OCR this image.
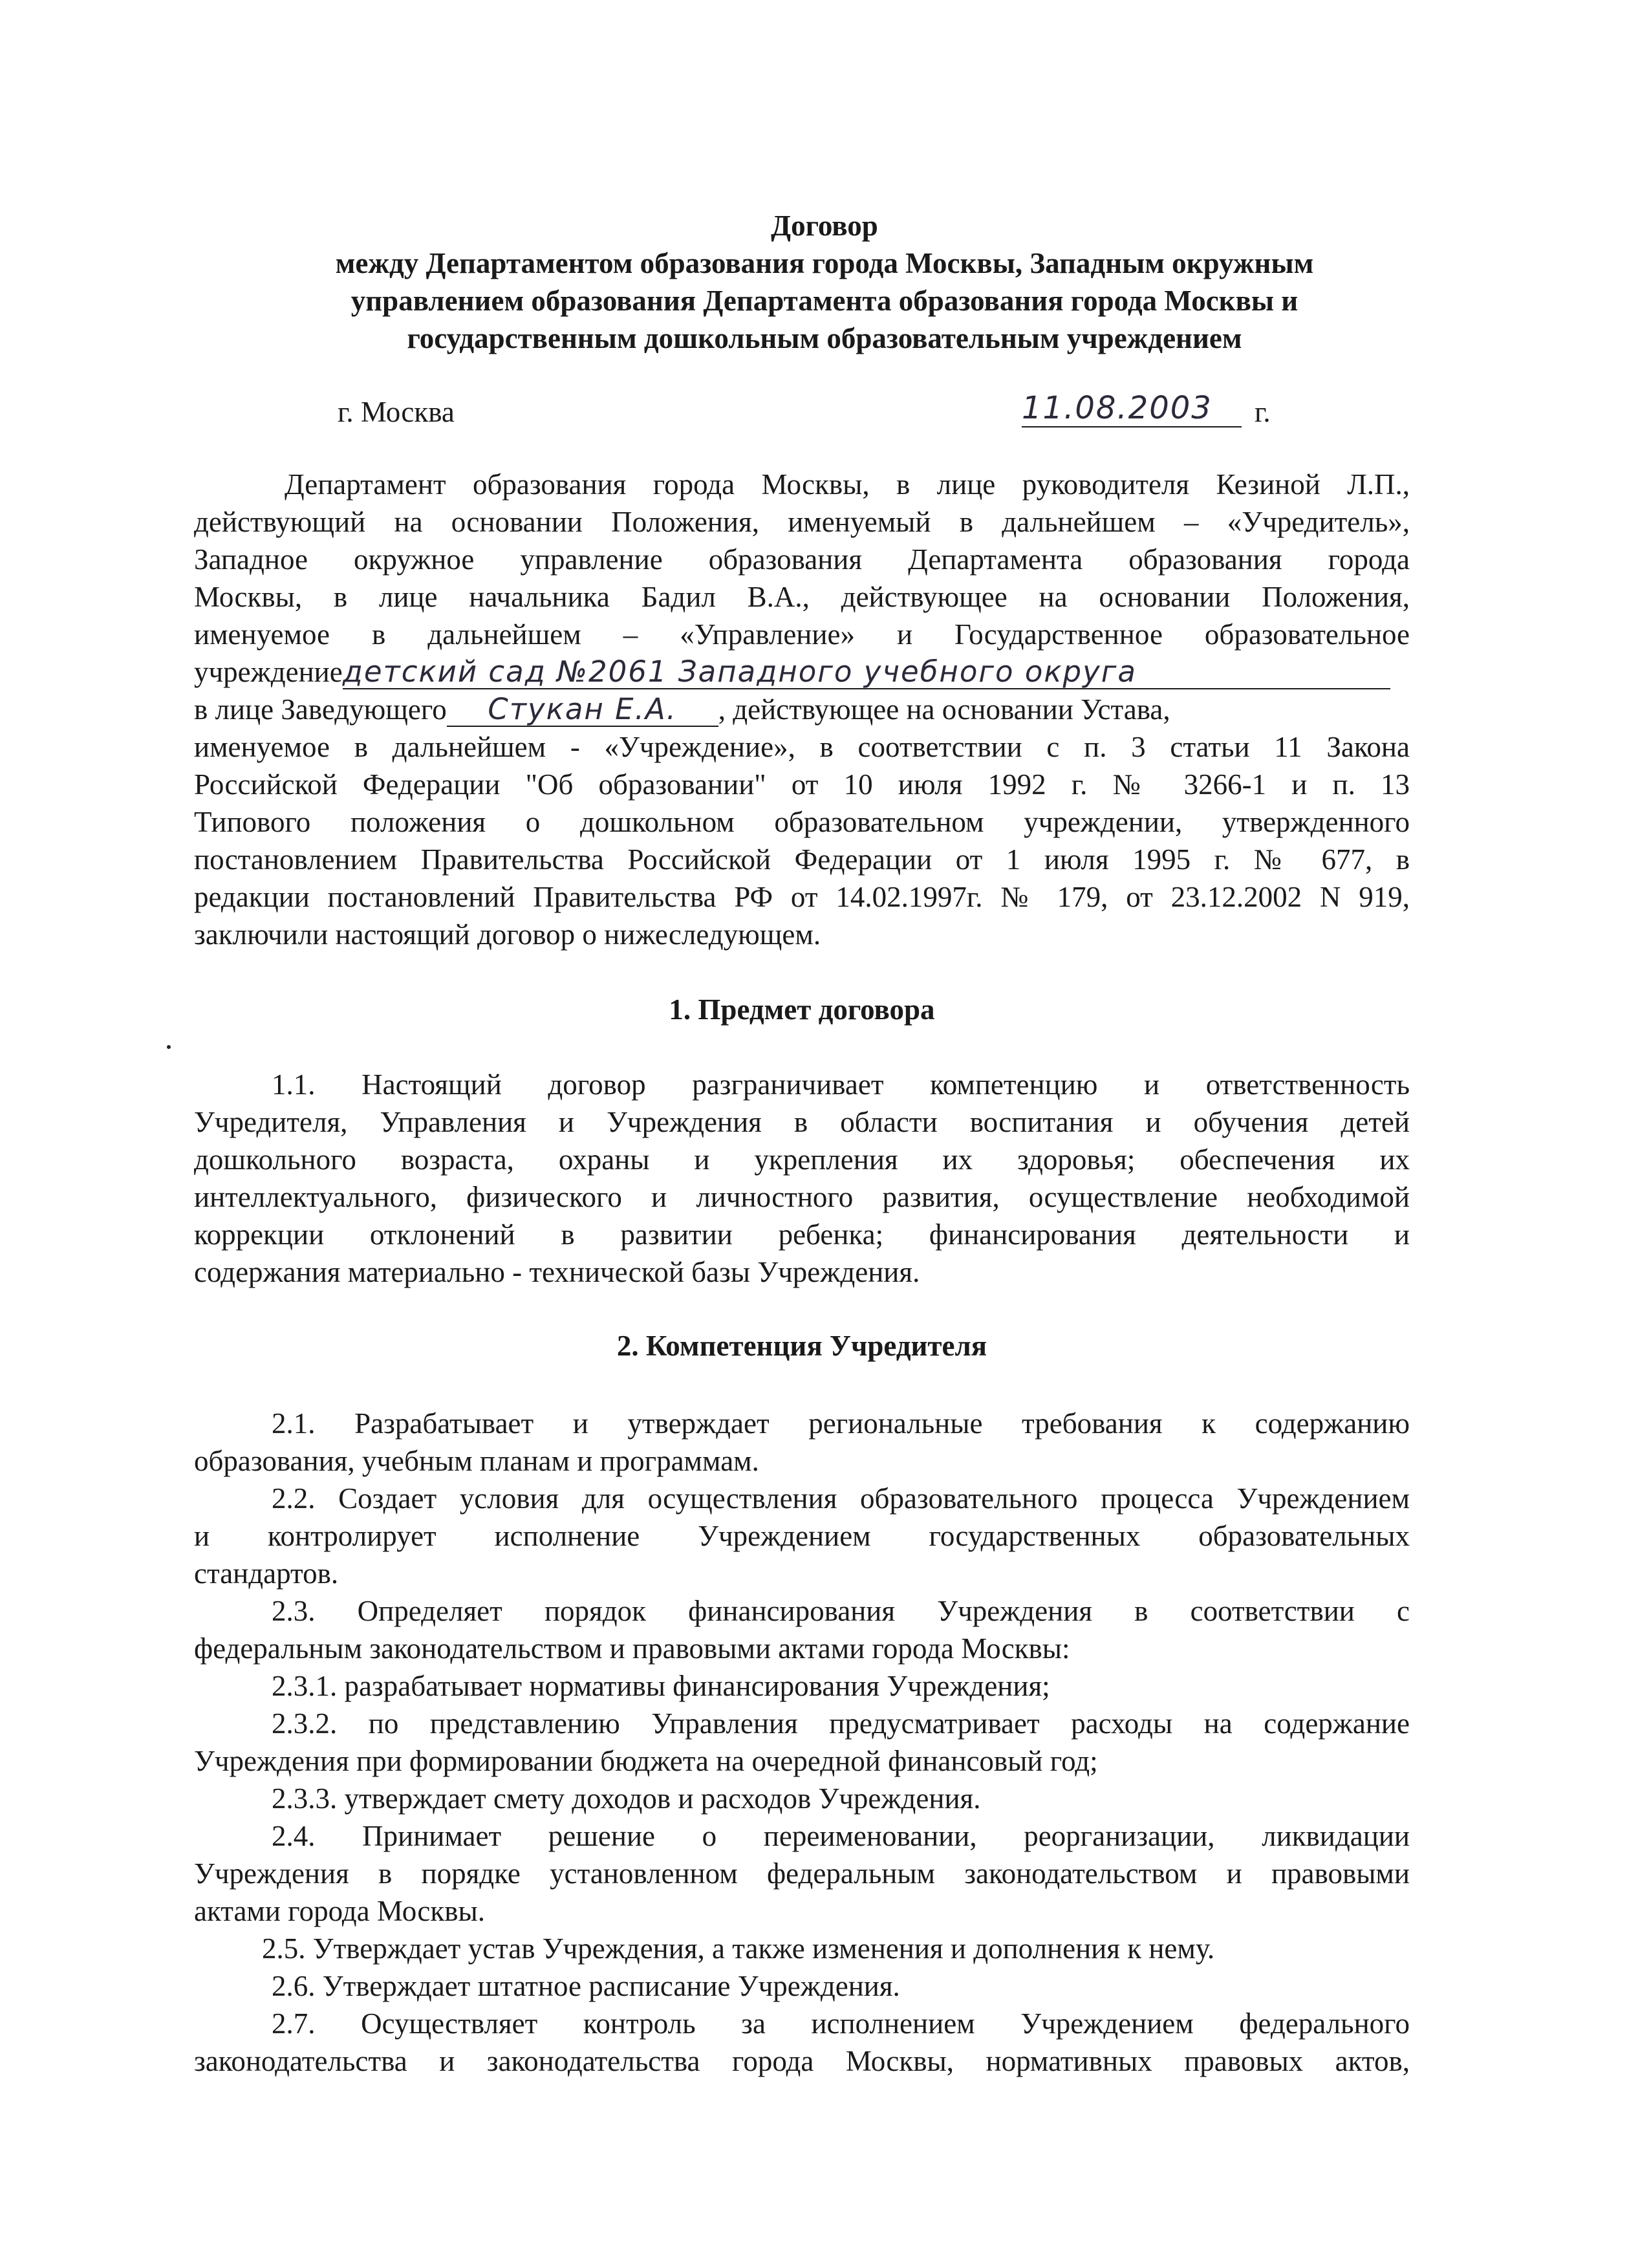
Договор
между Департаментом образования города Москвы, Западным окружным
управлением образования Департамента образования города Москвы и
государственным дошкольным образовательным учреждением
г. Москва	11.08.2003	г.
Департамент образования города Москвы, в лице руководителя Кезиной Л.П.,
действующий на основании Положения, именуемый в дальнейшем – «Учредитель»,
Западное окружное управление образования Департамента образования города
Москвы, в лице начальника Бадил В.А., действующее на основании Положения,
именуемое в дальнейшем – «Управление» и Государственное образовательное
учреждениедетский сад №2061 Западного учебного округа
в лице Заведующего Стукан Е.А. , действующее на основании Устава,
именуемое в дальнейшем - «Учреждение», в соответствии с п. 3 статьи 11 Закона
Российской Федерации "Об образовании" от 10 июля 1992 г. № 3266-1 и п. 13
Типового положения о дошкольном образовательном учреждении, утвержденного
постановлением Правительства Российской Федерации от 1 июля 1995 г. № 677, в
редакции постановлений Правительства РФ от 14.02.1997г. № 179, от 23.12.2002 N 919,
заключили настоящий договор о нижеследующем.
1. Предмет договора
1.1. Настоящий договор разграничивает компетенцию и ответственность
Учредителя, Управления и Учреждения в области воспитания и обучения детей
дошкольного возраста, охраны и укрепления их здоровья; обеспечения их
интеллектуального, физического и личностного развития, осуществление необходимой
коррекции отклонений в развитии ребенка; финансирования деятельности и
содержания материально - технической базы Учреждения.
2. Компетенция Учредителя
2.1. Разрабатывает и утверждает региональные требования к содержанию
образования, учебным планам и программам.
2.2. Создает условия для осуществления образовательного процесса Учреждением
и контролирует исполнение Учреждением государственных образовательных
стандартов.
2.3. Определяет порядок финансирования Учреждения в соответствии с
федеральным законодательством и правовыми актами города Москвы:
2.3.1. разрабатывает нормативы финансирования Учреждения;
2.3.2. по представлению Управления предусматривает расходы на содержание
Учреждения при формировании бюджета на очередной финансовый год;
2.3.3. утверждает смету доходов и расходов Учреждения.
2.4. Принимает решение о переименовании, реорганизации, ликвидации
Учреждения в порядке установленном федеральным законодательством и правовыми
актами города Москвы.
2.5. Утверждает устав Учреждения, а также изменения и дополнения к нему.
2.6. Утверждает штатное расписание Учреждения.
2.7. Осуществляет контроль за исполнением Учреждением федерального
законодательства и законодательства города Москвы, нормативных правовых актов,
